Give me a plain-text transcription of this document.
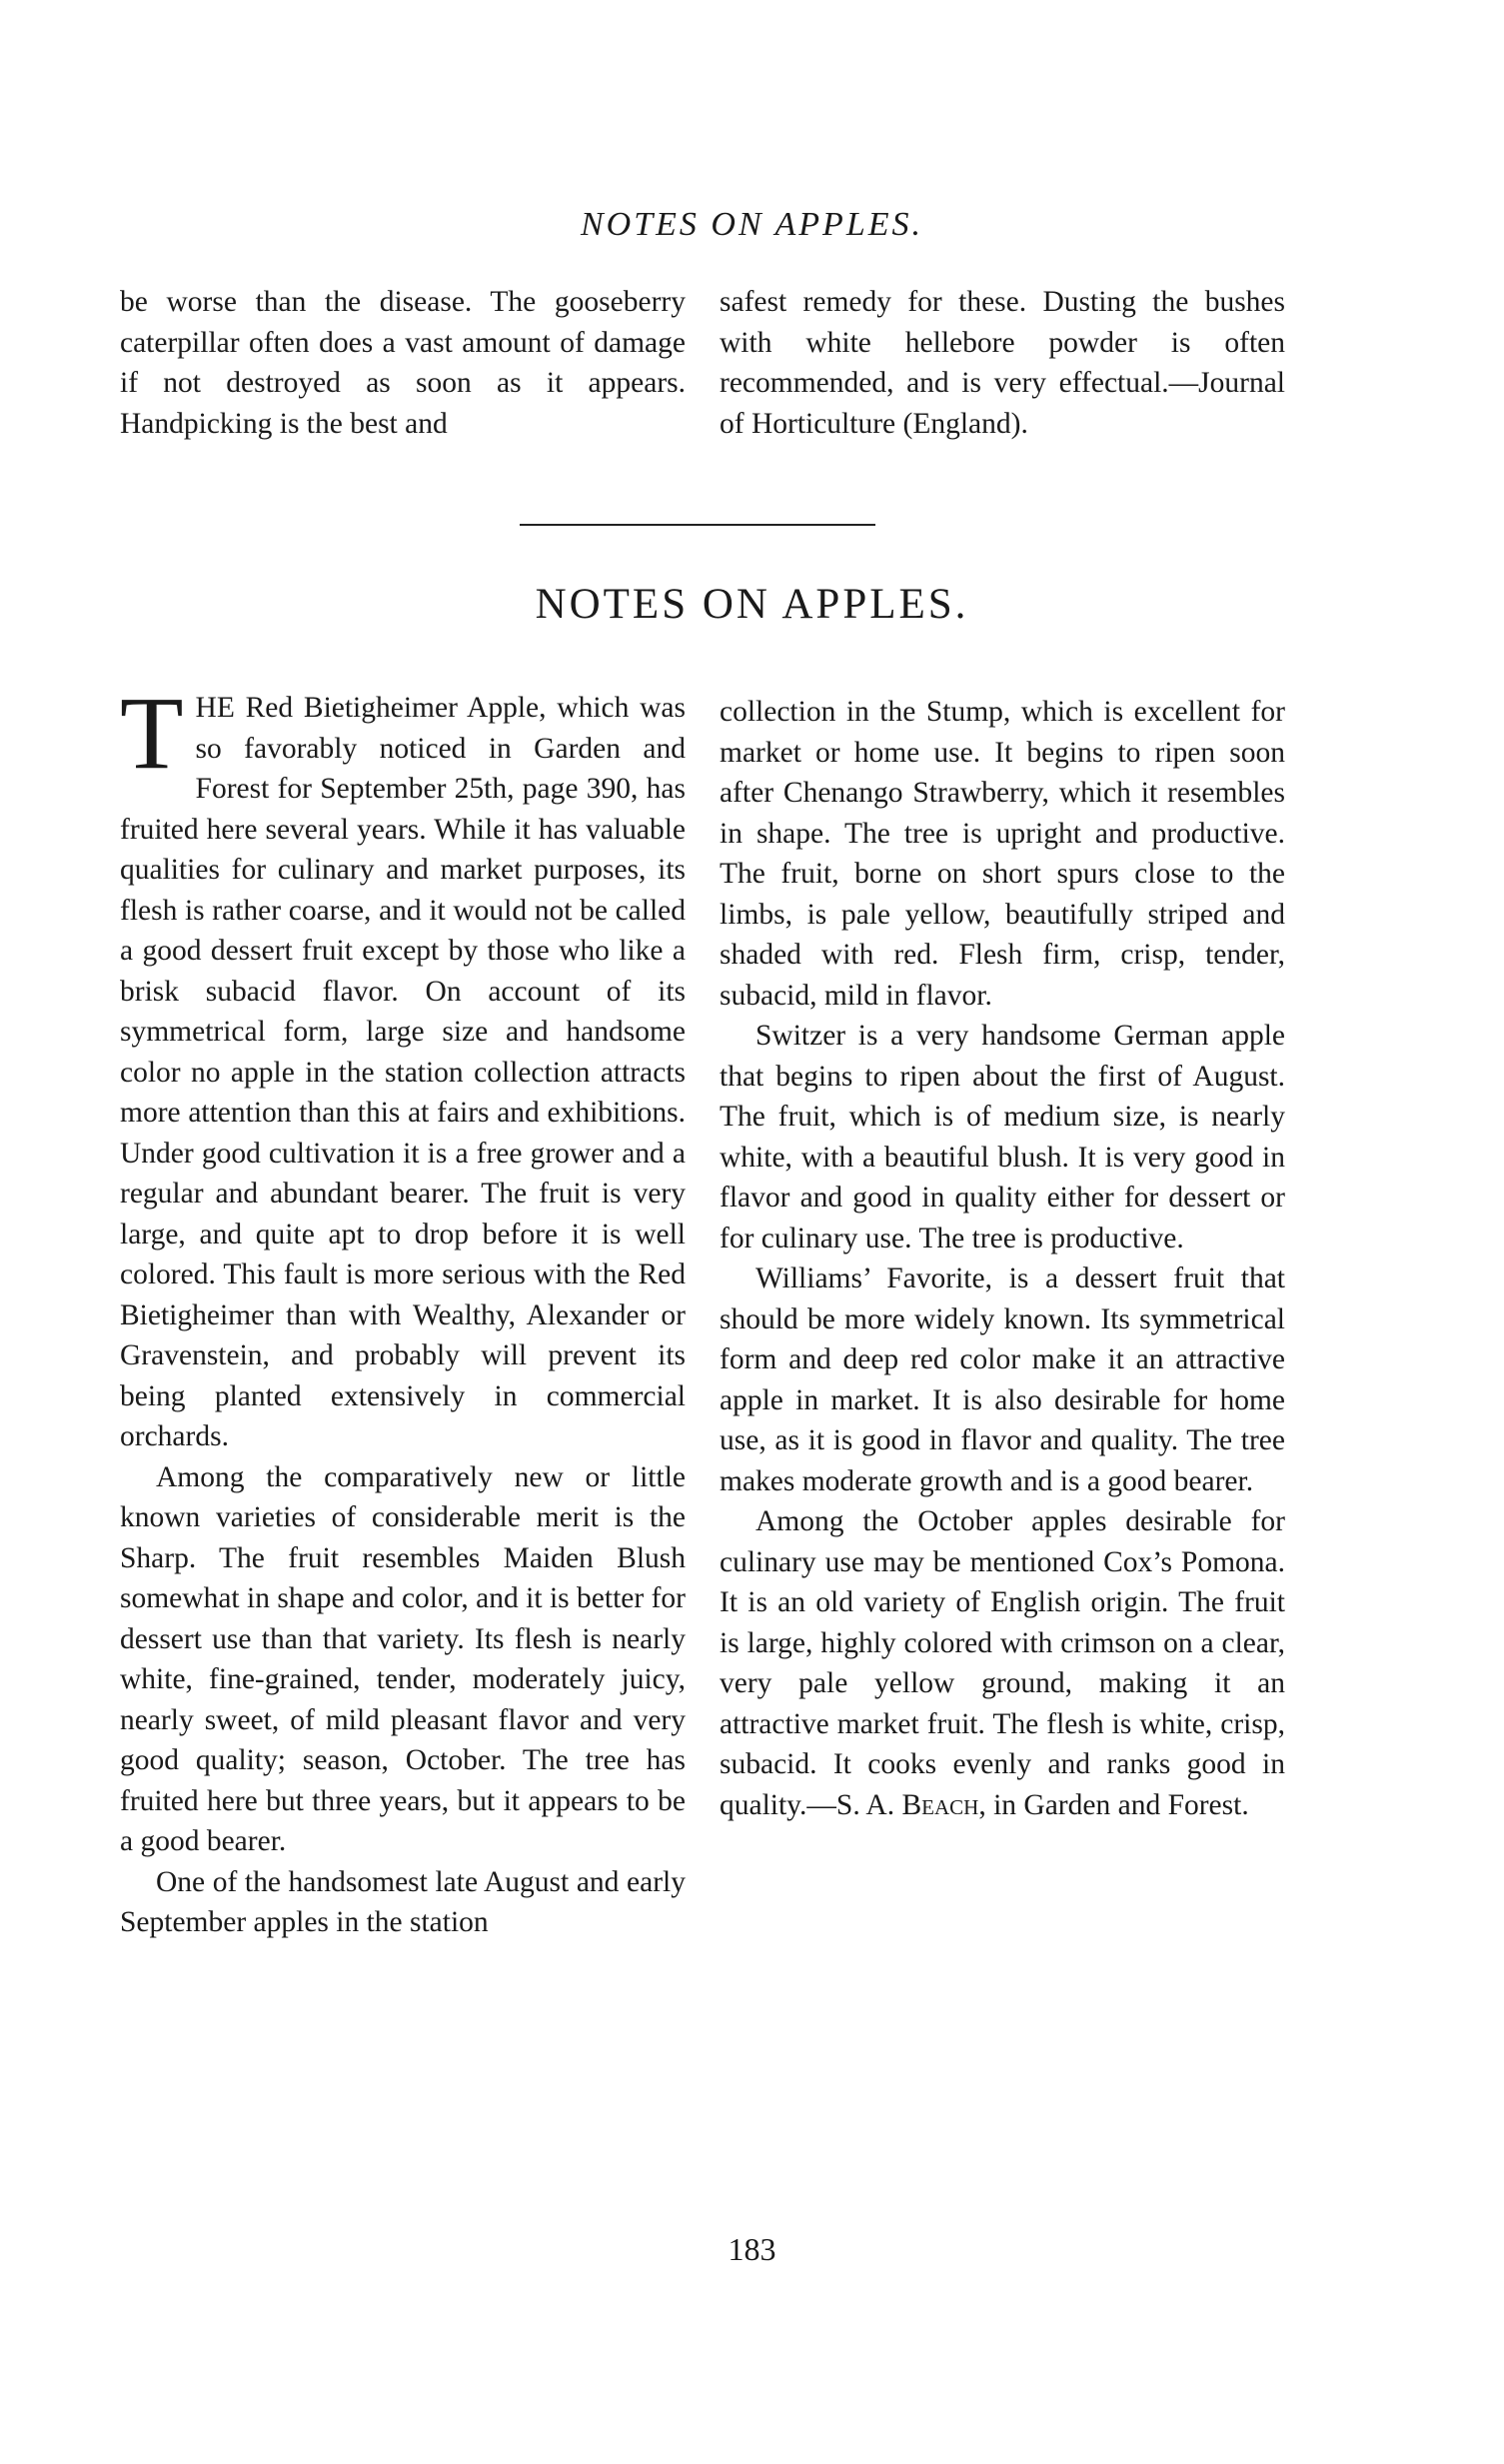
NOTES ON APPLES.

be worse than the disease. The gooseberry caterpillar often does a vast amount of damage if not destroyed as soon as it appears. Handpicking is the best and

safest remedy for these. Dusting the bushes with white hellebore powder is often recommended, and is very effectual.—Journal of Horticulture (England).

NOTES ON APPLES.

THE Red Bietigheimer Apple, which was so favorably noticed in Garden and Forest for September 25th, page 390, has fruited here several years. While it has valuable qualities for culinary and market purposes, its flesh is rather coarse, and it would not be called a good dessert fruit except by those who like a brisk subacid flavor. On account of its symmetrical form, large size and handsome color no apple in the station collection attracts more attention than this at fairs and exhibitions. Under good cultivation it is a free grower and a regular and abundant bearer. The fruit is very large, and quite apt to drop before it is well colored. This fault is more serious with the Red Bietigheimer than with Wealthy, Alexander or Gravenstein, and probably will prevent its being planted extensively in commercial orchards.

Among the comparatively new or little known varieties of considerable merit is the Sharp. The fruit resembles Maiden Blush somewhat in shape and color, and it is better for dessert use than that variety. Its flesh is nearly white, fine-grained, tender, moderately juicy, nearly sweet, of mild pleasant flavor and very good quality; season, October. The tree has fruited here but three years, but it appears to be a good bearer.

One of the handsomest late August and early September apples in the station

collection in the Stump, which is excellent for market or home use. It begins to ripen soon after Chenango Strawberry, which it resembles in shape. The tree is upright and productive. The fruit, borne on short spurs close to the limbs, is pale yellow, beautifully striped and shaded with red. Flesh firm, crisp, tender, subacid, mild in flavor.

Switzer is a very handsome German apple that begins to ripen about the first of August. The fruit, which is of medium size, is nearly white, with a beautiful blush. It is very good in flavor and good in quality either for dessert or for culinary use. The tree is productive.

Williams’ Favorite, is a dessert fruit that should be more widely known. Its symmetrical form and deep red color make it an attractive apple in market. It is also desirable for home use, as it is good in flavor and quality. The tree makes moderate growth and is a good bearer.

Among the October apples desirable for culinary use may be mentioned Cox’s Pomona. It is an old variety of English origin. The fruit is large, highly colored with crimson on a clear, very pale yellow ground, making it an attractive market fruit. The flesh is white, crisp, subacid. It cooks evenly and ranks good in quality.—S. A. Beach, in Garden and Forest.

183
